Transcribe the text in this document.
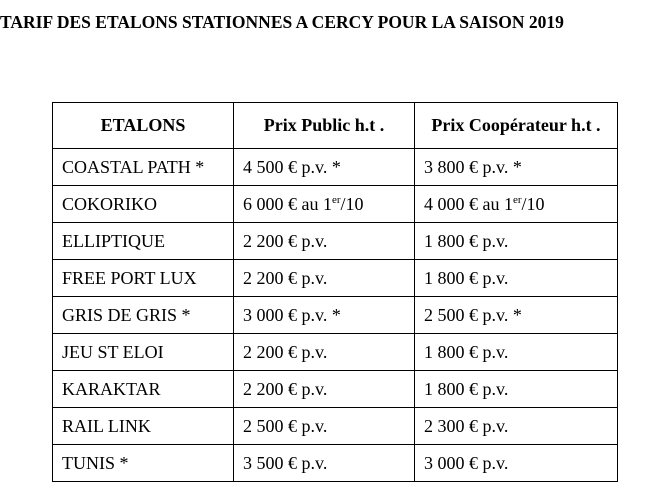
TARIF DES ETALONS STATIONNES A CERCY POUR LA SAISON 2019
ETALONS	Prix Public h.t .	Prix Coopérateur h.t .
COASTAL PATH *	4 500 € p.v. *	3 800 € p.v. *
COKORIKO	6 000 € au 1er/10	4 000 € au 1er/10
ELLIPTIQUE	2 200 € p.v.	1 800 € p.v.
FREE PORT LUX	2 200 € p.v.	1 800 € p.v.
GRIS DE GRIS *	3 000 € p.v. *	2 500 € p.v. *
JEU ST ELOI	2 200 € p.v.	1 800 € p.v.
KARAKTAR	2 200 € p.v.	1 800 € p.v.
RAIL LINK	2 500 € p.v.	2 300 € p.v.
TUNIS *	3 500 € p.v.	3 000 € p.v.
